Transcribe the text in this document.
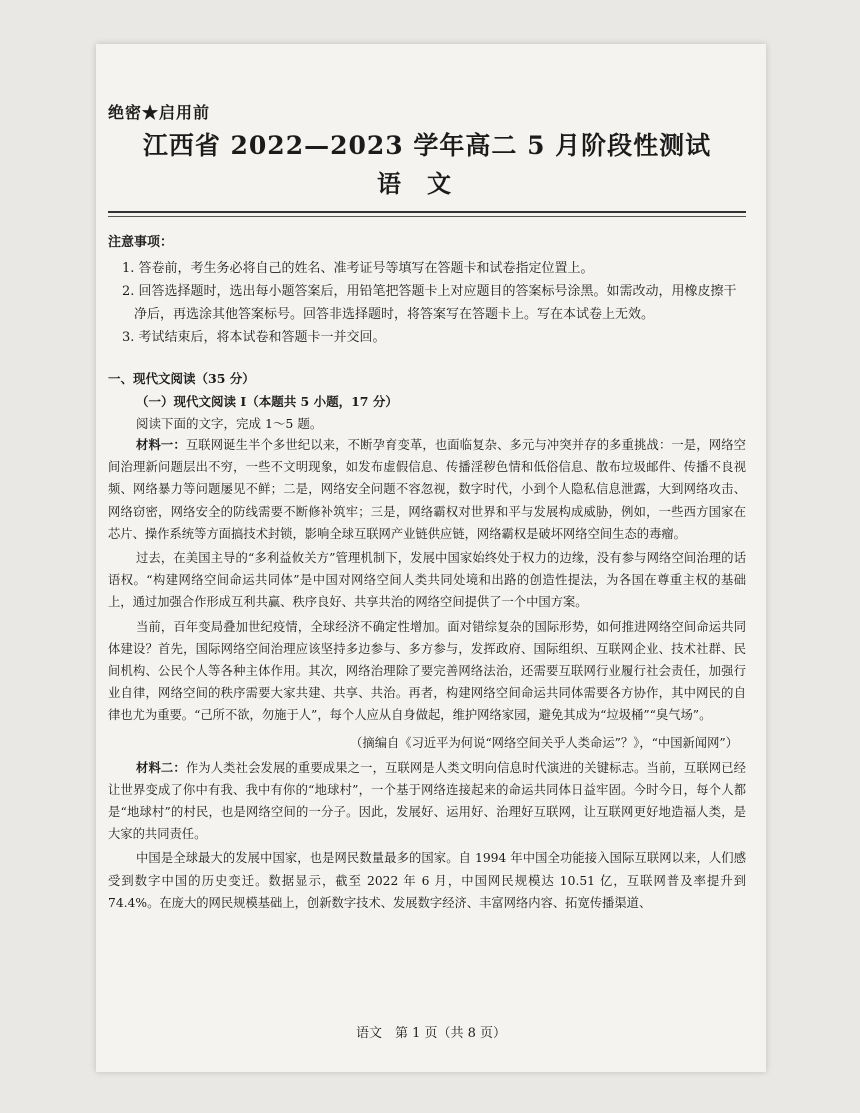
绝密★启用前
江西省 2022—2023 学年高二 5 月阶段性测试
语文
注意事项：
1. 答卷前，考生务必将自己的姓名、准考证号等填写在答题卡和试卷指定位置上。
2. 回答选择题时，选出每小题答案后，用铅笔把答题卡上对应题目的答案标号涂黑。如需改动，用橡皮擦干净后，再选涂其他答案标号。回答非选择题时，将答案写在答题卡上。写在本试卷上无效。
3. 考试结束后，将本试卷和答题卡一并交回。
一、现代文阅读（35 分）
（一）现代文阅读 Ⅰ（本题共 5 小题，17 分）
阅读下面的文字，完成 1～5 题。

材料一：互联网诞生半个多世纪以来，不断孕育变革，也面临复杂、多元与冲突并存的多重挑战：一是，网络空间治理新问题层出不穷，一些不文明现象，如发布虚假信息、传播淫秽色情和低俗信息、散布垃圾邮件、传播不良视频、网络暴力等问题屡见不鲜；二是，网络安全问题不容忽视，数字时代，小到个人隐私信息泄露，大到网络攻击、网络窃密，网络安全的防线需要不断修补筑牢；三是，网络霸权对世界和平与发展构成威胁，例如，一些西方国家在芯片、操作系统等方面搞技术封锁，影响全球互联网产业链供应链，网络霸权是破坏网络空间生态的毒瘤。

过去，在美国主导的“多利益攸关方”管理机制下，发展中国家始终处于权力的边缘，没有参与网络空间治理的话语权。“构建网络空间命运共同体”是中国对网络空间人类共同处境和出路的创造性提法，为各国在尊重主权的基础上，通过加强合作形成互利共赢、秩序良好、共享共治的网络空间提供了一个中国方案。

当前，百年变局叠加世纪疫情，全球经济不确定性增加。面对错综复杂的国际形势，如何推进网络空间命运共同体建设？首先，国际网络空间治理应该坚持多边参与、多方参与，发挥政府、国际组织、互联网企业、技术社群、民间机构、公民个人等各种主体作用。其次，网络治理除了要完善网络法治，还需要互联网行业履行社会责任，加强行业自律，网络空间的秩序需要大家共建、共享、共治。再者，构建网络空间命运共同体需要各方协作，其中网民的自律也尤为重要。“己所不欲，勿施于人”，每个人应从自身做起，维护网络家园，避免其成为“垃圾桶”“臭气场”。

（摘编自《习近平为何说“网络空间关乎人类命运”？》，“中国新闻网”）

材料二：作为人类社会发展的重要成果之一，互联网是人类文明向信息时代演进的关键标志。当前，互联网已经让世界变成了你中有我、我中有你的“地球村”，一个基于网络连接起来的命运共同体日益牢固。今时今日，每个人都是“地球村”的村民，也是网络空间的一分子。因此，发展好、运用好、治理好互联网，让互联网更好地造福人类，是大家的共同责任。

中国是全球最大的发展中国家，也是网民数量最多的国家。自 1994 年中国全功能接入国际互联网以来，人们感受到数字中国的历史变迁。数据显示，截至 2022 年 6 月，中国网民规模达 10.51 亿，互联网普及率提升到 74.4%。在庞大的网民规模基础上，创新数字技术、发展数字经济、丰富网络内容、拓宽传播渠道、

语文　第 1 页（共 8 页）
